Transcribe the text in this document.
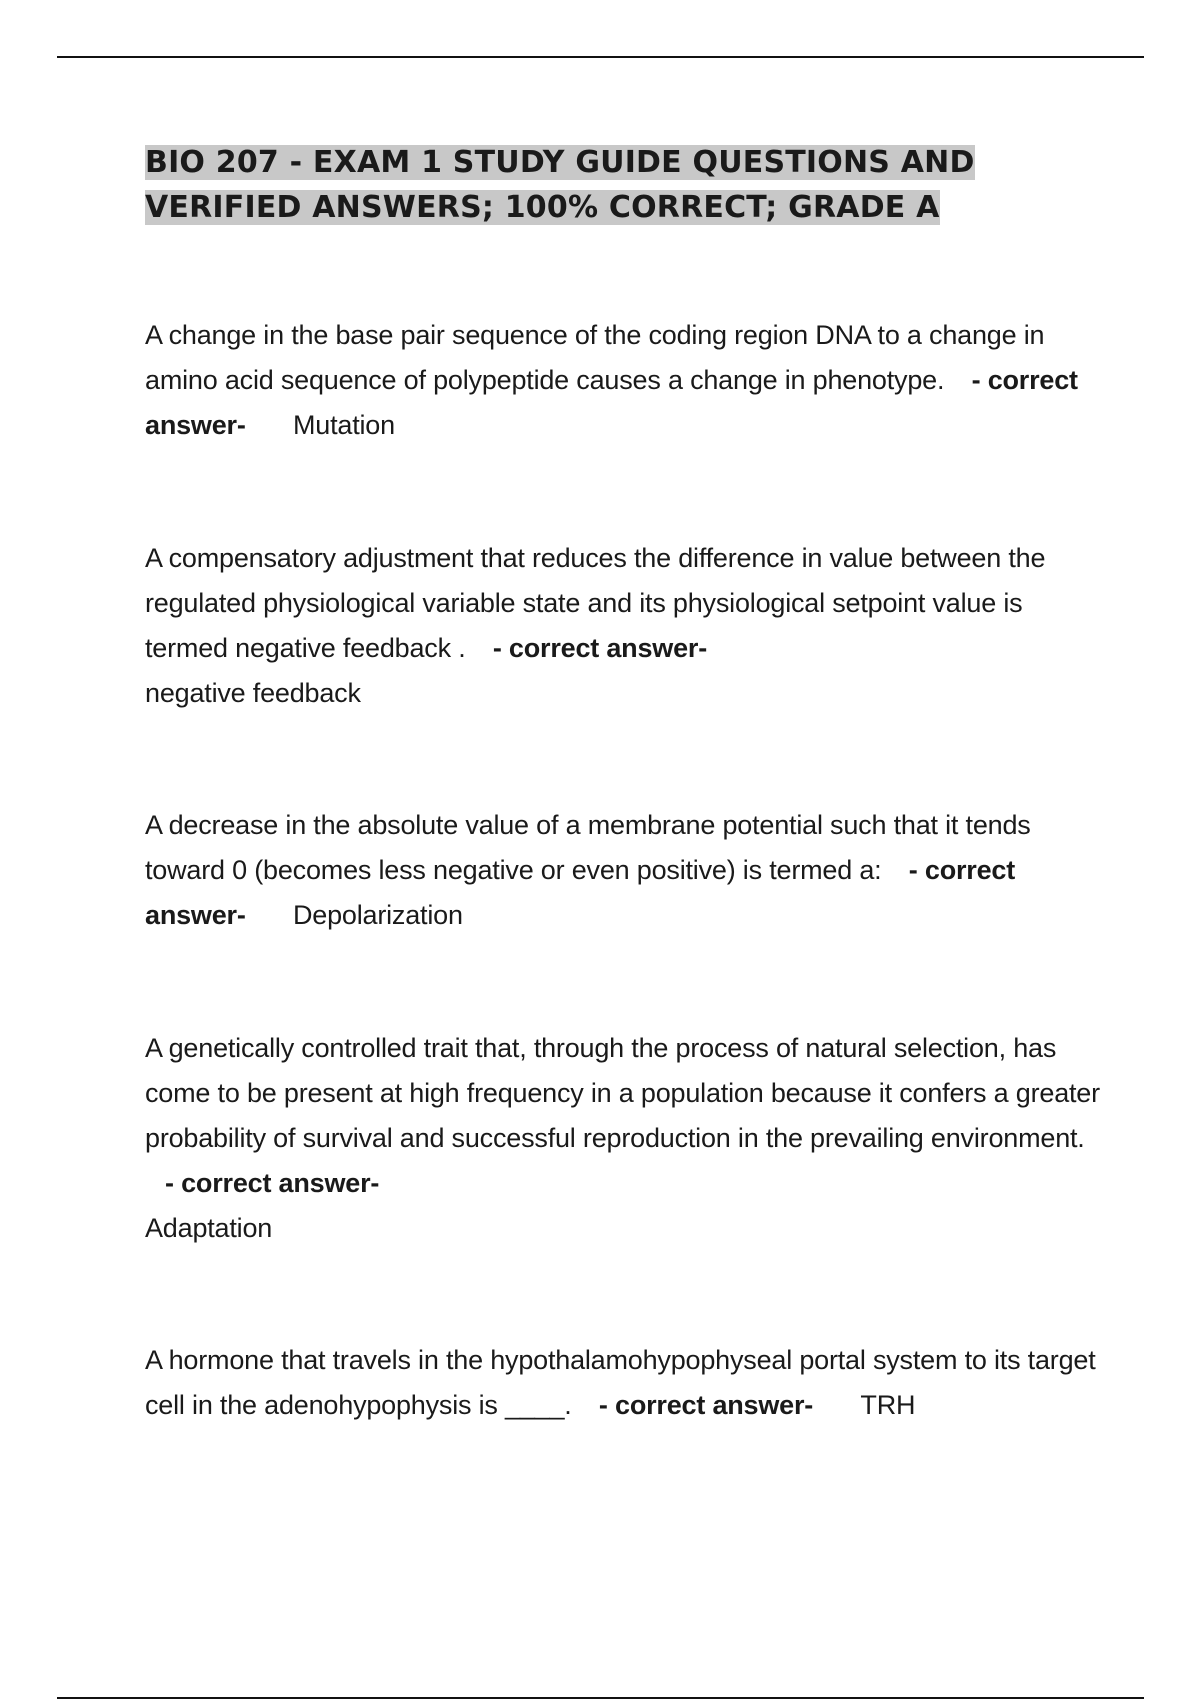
BIO 207 - EXAM 1 STUDY GUIDE QUESTIONS AND VERIFIED ANSWERS; 100% CORRECT; GRADE A

A change in the base pair sequence of the coding region DNA to a change in amino acid sequence of polypeptide causes a change in phenotype. - correct answer- Mutation

A compensatory adjustment that reduces the difference in value between the regulated physiological variable state and its physiological setpoint value is termed negative feedback . - correct answer-
negative feedback

A decrease in the absolute value of a membrane potential such that it tends toward 0 (becomes less negative or even positive) is termed a: - correct answer- Depolarization

A genetically controlled trait that, through the process of natural selection, has come to be present at high frequency in a population because it confers a greater probability of survival and successful reproduction in the prevailing environment. - correct answer-
Adaptation

A hormone that travels in the hypothalamohypophyseal portal system to its target cell in the adenohypophysis is ____. - correct answer- TRH
